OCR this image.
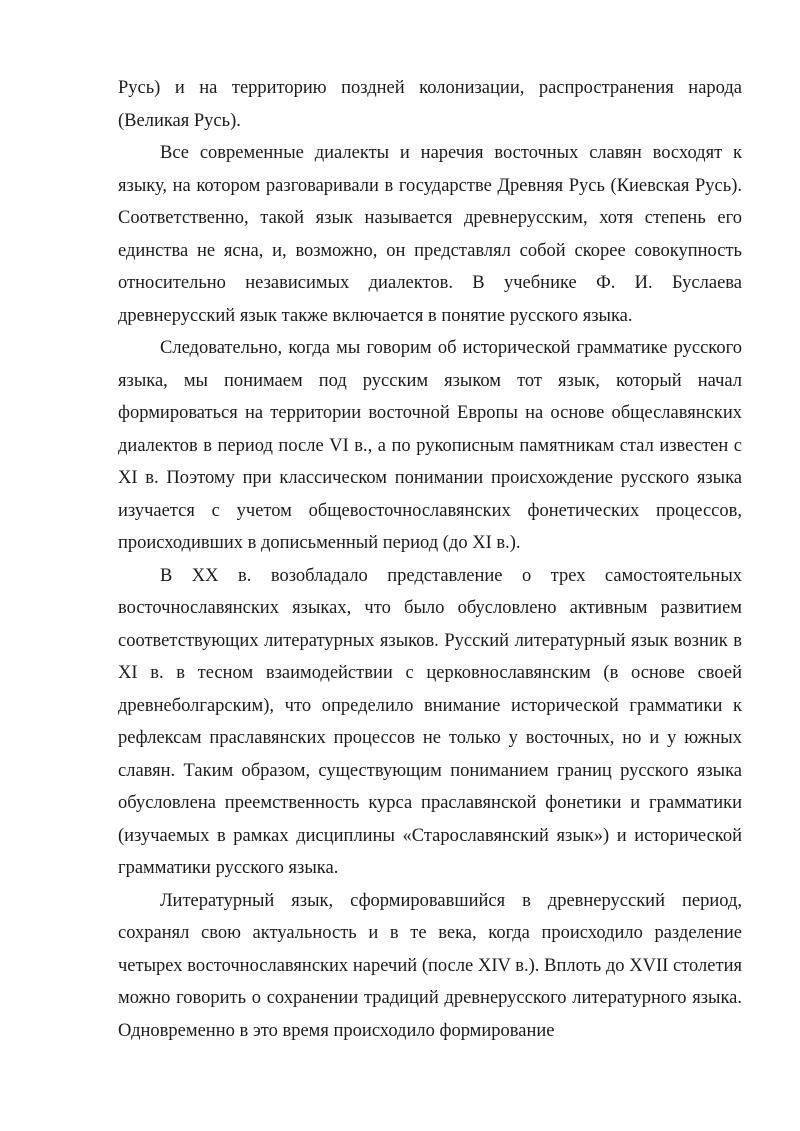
Русь) и на территорию поздней колонизации, распространения народа (Великая Русь).

Все современные диалекты и наречия восточных славян восходят к языку, на котором разговаривали в государстве Древняя Русь (Киевская Русь). Соответственно, такой язык называется древнерусским, хотя степень его единства не ясна, и, возможно, он представлял собой скорее совокупность относительно независимых диалектов. В учебнике Ф. И. Буслаева древнерусский язык также включается в понятие русского языка.

Следовательно, когда мы говорим об исторической грамматике русского языка, мы понимаем под русским языком тот язык, который начал формироваться на территории восточной Европы на основе общеславянских диалектов в период после VI в., а по рукописным памятникам стал известен с XI в. Поэтому при классическом понимании происхождение русского языка изучается с учетом общевосточнославянских фонетических процессов, происходивших в дописьменный период (до XI в.).

В XX в. возобладало представление о трех самостоятельных восточнославянских языках, что было обусловлено активным развитием соответствующих литературных языков. Русский литературный язык возник в XI в. в тесном взаимодействии с церковнославянским (в основе своей древнеболгарским), что определило внимание исторической грамматики к рефлексам праславянских процессов не только у восточных, но и у южных славян. Таким образом, существующим пониманием границ русского языка обусловлена преемственность курса праславянской фонетики и грамматики (изучаемых в рамках дисциплины «Старославянский язык») и исторической грамматики русского языка.

Литературный язык, сформировавшийся в древнерусский период, сохранял свою актуальность и в те века, когда происходило разделение четырех восточнославянских наречий (после XIV в.). Вплоть до XVII столетия можно говорить о сохранении традиций древнерусского литературного языка. Одновременно в это время происходило формирование
